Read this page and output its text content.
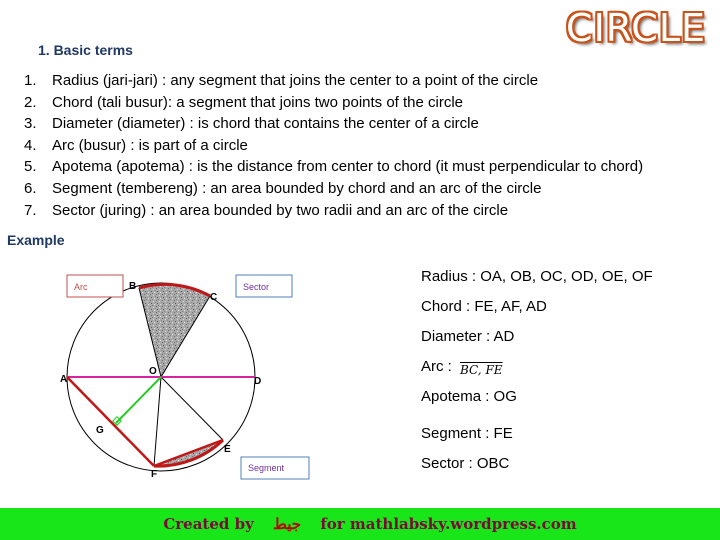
CIRCLE
1. Basic terms
1. Radius (jari-jari) : any segment that joins the center to a point of the circle
2. Chord (tali busur): a segment that joins two points of the circle
3. Diameter (diameter) : is chord that contains the center of a circle
4. Arc (busur) : is part of a circle
5. Apotema (apotema) : is the distance from center to chord (it must perpendicular to chord)
6. Segment (tembereng) : an area bounded by chord and an arc of the circle
7. Sector (juring) : an area bounded by two radii and an arc of the circle
Example
A
B
C
D
E
F
G
O
Arc	Sector
Segment
Radius : OA, OB, OC, OD, OE, OF
Chord : FE, AF, AD
Diameter : AD
Arc : $_{BC, FE}$
Apotema : OG
Segment : FE
Sector : OBC
Created by جيط for mathlabsky.wordpress.com
